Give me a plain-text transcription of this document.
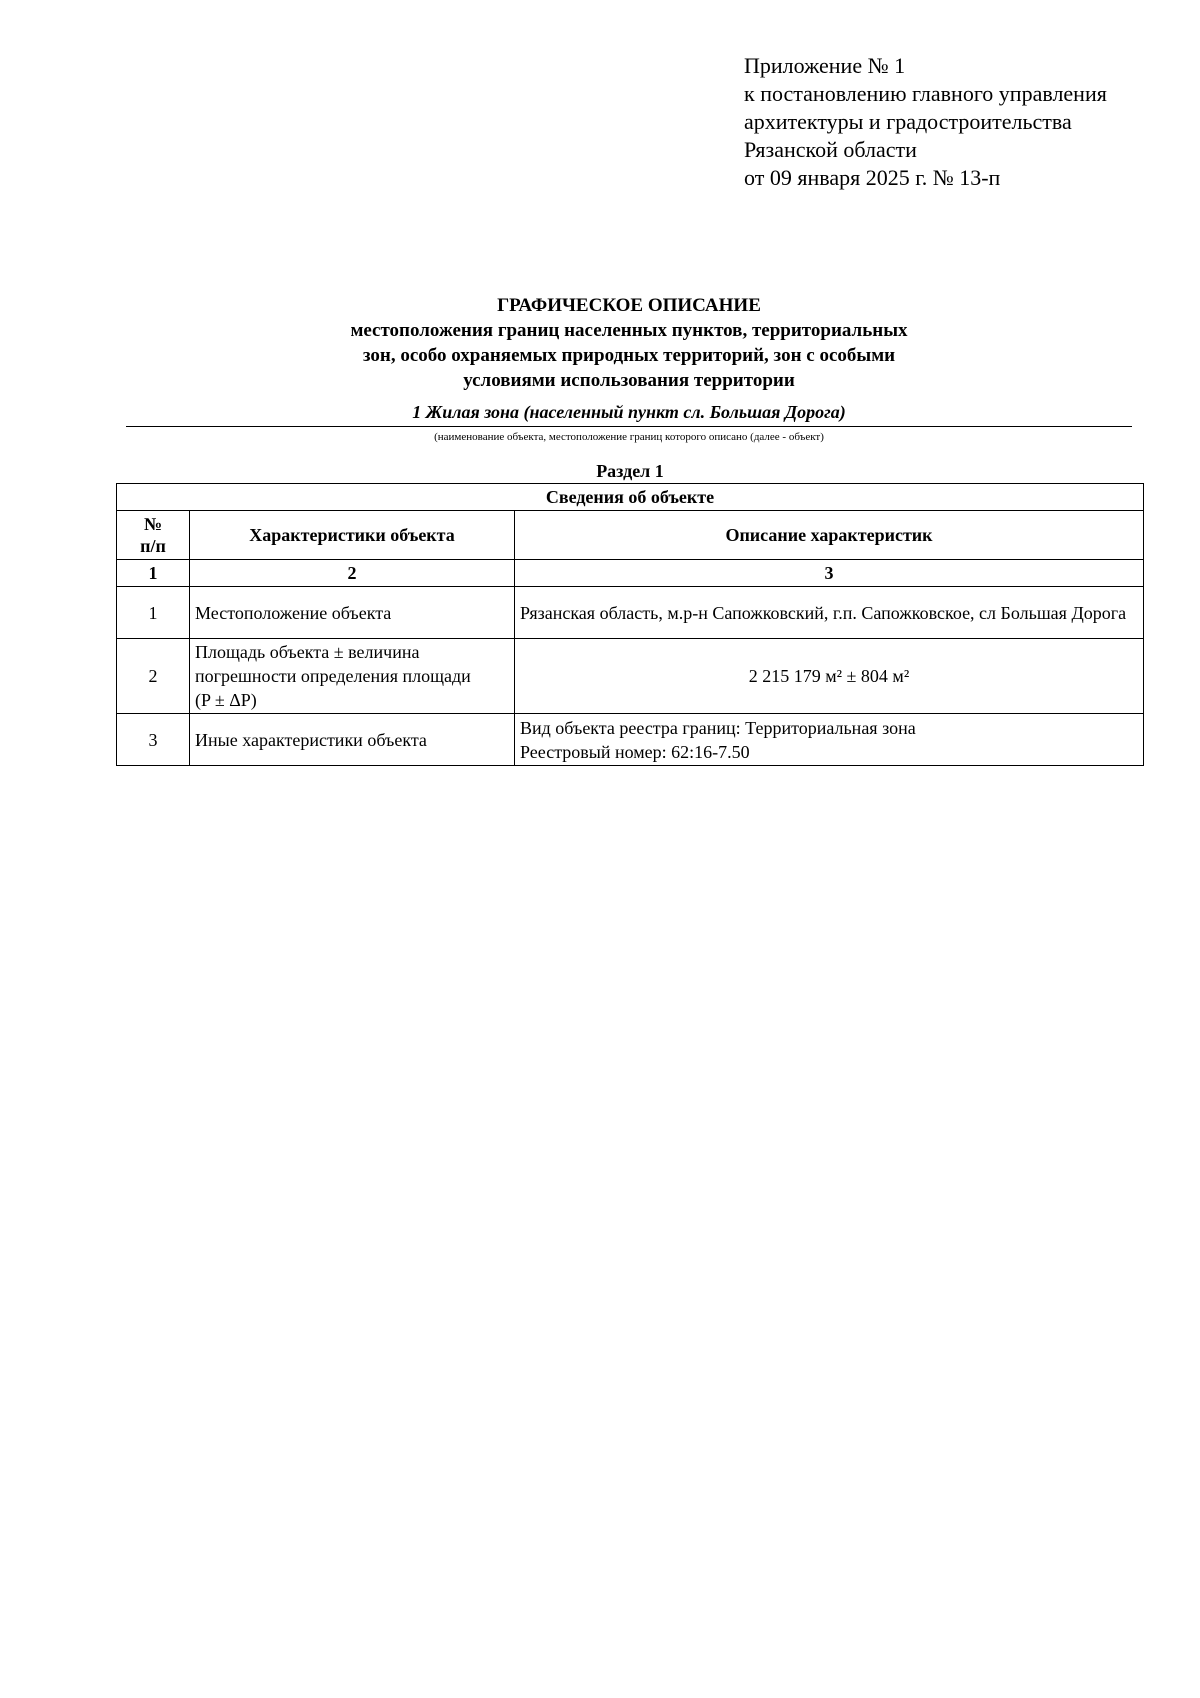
Приложение № 1
к постановлению главного управления
архитектуры и градостроительства
Рязанской области
от 09 января 2025 г. № 13-п
ГРАФИЧЕСКОЕ ОПИСАНИЕ
местоположения границ населенных пунктов, территориальных
зон, особо охраняемых природных территорий, зон с особыми
условиями использования территории
1 Жилая зона (населенный пункт сл. Большая Дорога)
(наименование объекта, местоположение границ которого описано (далее - объект)
Раздел 1
Сведения об объекте		

№
п/п	Характеристики объекта	Описание характеристик
1	2	3
1	Местоположение объекта	Рязанская область, м.р-н Сапожковский, г.п. Сапожковское, сл Большая Дорога
2	Площадь объекта ± величина
погрешности определения площади
(P ± ΔP)	2 215 179 м² ± 804 м²
3	Иные характеристики объекта	Вид объекта реестра границ: Территориальная зона
Реестровый номер: 62:16-7.50
